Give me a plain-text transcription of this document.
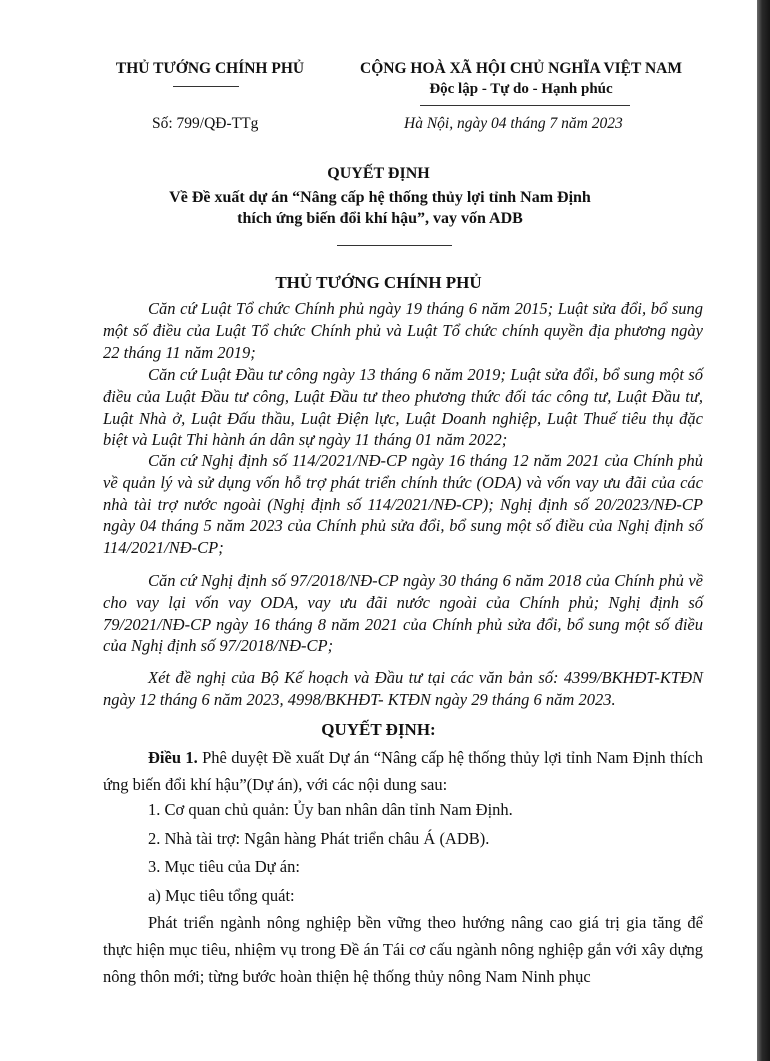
THỦ TƯỚNG CHÍNH PHỦ	CỘNG HOÀ XÃ HỘI CHỦ NGHĨA VIỆT NAM
Độc lập - Tự do - Hạnh phúc
Số: 799/QĐ-TTg	Hà Nội, ngày 04 tháng 7 năm 2023
QUYẾT ĐỊNH
Về Đề xuất dự án “Nâng cấp hệ thống thủy lợi tỉnh Nam Định
thích ứng biến đổi khí hậu”, vay vốn ADB
THỦ TƯỚNG CHÍNH PHỦ
Căn cứ Luật Tổ chức Chính phủ ngày 19 tháng 6 năm 2015; Luật sửa đổi, bổ sung một số điều của Luật Tổ chức Chính phủ và Luật Tổ chức chính quyền địa phương ngày 22 tháng 11 năm 2019;
Căn cứ Luật Đầu tư công ngày 13 tháng 6 năm 2019; Luật sửa đổi, bổ sung một số điều của Luật Đầu tư công, Luật Đầu tư theo phương thức đối tác công tư, Luật Đầu tư, Luật Nhà ở, Luật Đấu thầu, Luật Điện lực, Luật Doanh nghiệp, Luật Thuế tiêu thụ đặc biệt và Luật Thi hành án dân sự ngày 11 tháng 01 năm 2022;
Căn cứ Nghị định số 114/2021/NĐ-CP ngày 16 tháng 12 năm 2021 của Chính phủ về quản lý và sử dụng vốn hỗ trợ phát triển chính thức (ODA) và vốn vay ưu đãi của các nhà tài trợ nước ngoài (Nghị định số 114/2021/NĐ-CP); Nghị định số 20/2023/NĐ-CP ngày 04 tháng 5 năm 2023 của Chính phủ sửa đổi, bổ sung một số điều của Nghị định số 114/2021/NĐ-CP;
Căn cứ Nghị định số 97/2018/NĐ-CP ngày 30 tháng 6 năm 2018 của Chính phủ về cho vay lại vốn vay ODA, vay ưu đãi nước ngoài của Chính phủ; Nghị định số 79/2021/NĐ-CP ngày 16 tháng 8 năm 2021 của Chính phủ sửa đổi, bổ sung một số điều của Nghị định số 97/2018/NĐ-CP;
Xét đề nghị của Bộ Kế hoạch và Đầu tư tại các văn bản số: 4399/BKHĐT-KTĐN ngày 12 tháng 6 năm 2023, 4998/BKHĐT- KTĐN ngày 29 tháng 6 năm 2023.
QUYẾT ĐỊNH:
Điều 1. Phê duyệt Đề xuất Dự án “Nâng cấp hệ thống thủy lợi tỉnh Nam Định thích ứng biến đổi khí hậu”(Dự án), với các nội dung sau:
1. Cơ quan chủ quản: Ủy ban nhân dân tỉnh Nam Định.
2. Nhà tài trợ: Ngân hàng Phát triển châu Á (ADB).
3. Mục tiêu của Dự án:
a) Mục tiêu tổng quát:
Phát triển ngành nông nghiệp bền vững theo hướng nâng cao giá trị gia tăng để thực hiện mục tiêu, nhiệm vụ trong Đề án Tái cơ cấu ngành nông nghiệp gắn với xây dựng nông thôn mới; từng bước hoàn thiện hệ thống thủy nông Nam Ninh phục
